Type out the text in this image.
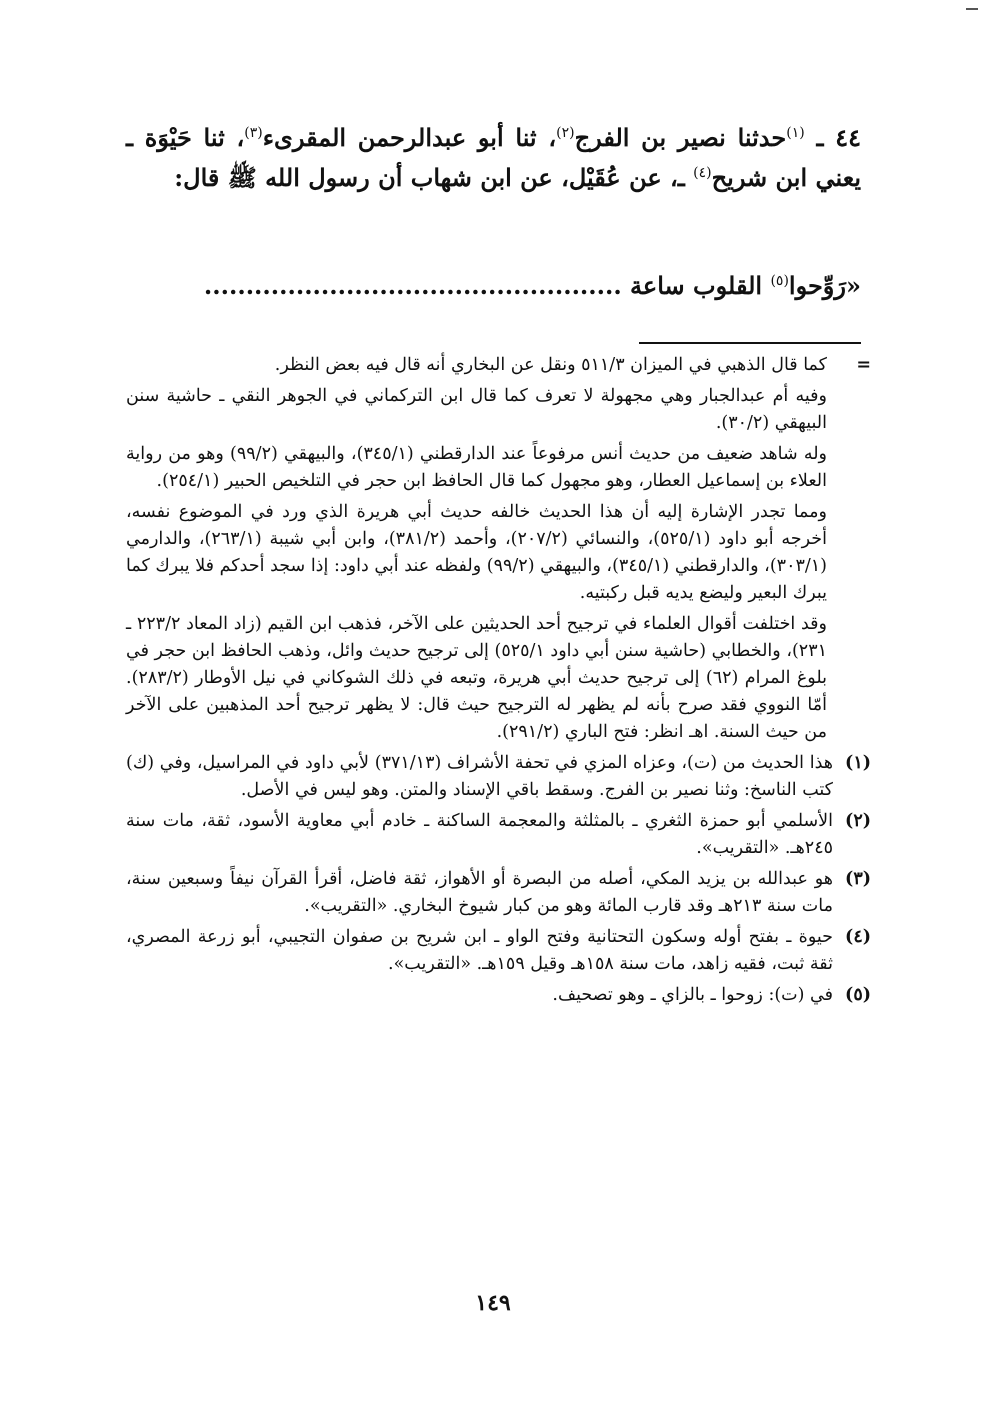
٤٤ ـ $^{(١)}$حدثنا نصير بن الفرج$^{(٢)}$، ثنا أبو عبدالرحمن المقرىء$^{(٣)}$، ثنا حَيْوَة ـ يعني ابن شريح$^{(٤)}$ ـ، عن عُقَيْل، عن ابن شهاب أن رسول الله ﷺ قال:
«رَوِّحوا$^{(٥)}$ القلوب ساعة ..................................................

=
كما قال الذهبي في الميزان ٥١١/٣ ونقل عن البخاري أنه قال فيه بعض النظر.

وفيه أم عبدالجبار وهي مجهولة لا تعرف كما قال ابن التركماني في الجوهر النقي ـ حاشية سنن البيهقي (٣٠/٢).

وله شاهد ضعيف من حديث أنس مرفوعاً عند الدارقطني (٣٤٥/١)، والبيهقي (٩٩/٢) وهو من رواية العلاء بن إسماعيل العطار، وهو مجهول كما قال الحافظ ابن حجر في التلخيص الحبير (٢٥٤/١).

ومما تجدر الإشارة إليه أن هذا الحديث خالفه حديث أبي هريرة الذي ورد في الموضوع نفسه، أخرجه أبو داود (٥٢٥/١)، والنسائي (٢٠٧/٢)، وأحمد (٣٨١/٢)، وابن أبي شيبة (٢٦٣/١)، والدارمي (٣٠٣/١)، والدارقطني (٣٤٥/١)، والبيهقي (٩٩/٢) ولفظه عند أبي داود: إذا سجد أحدكم فلا يبرك كما يبرك البعير وليضع يديه قبل ركبتيه.

وقد اختلفت أقوال العلماء في ترجيح أحد الحديثين على الآخر، فذهب ابن القيم (زاد المعاد ٢٢٣/٢ ـ ٢٣١)، والخطابي (حاشية سنن أبي داود ٥٢٥/١) إلى ترجيح حديث وائل، وذهب الحافظ ابن حجر في بلوغ المرام (٦٢) إلى ترجيح حديث أبي هريرة، وتبعه في ذلك الشوكاني في نيل الأوطار (٢٨٣/٢). أمّا النووي فقد صرح بأنه لم يظهر له الترجيح حيث قال: لا يظهر ترجيح أحد المذهبين على الآخر من حيث السنة. اهـ انظر: فتح الباري (٢٩١/٢).

(١)
هذا الحديث من (ت)، وعزاه المزي في تحفة الأشراف (٣٧١/١٣) لأبي داود في المراسيل، وفي (ك) كتب الناسخ: وثنا نصير بن الفرج. وسقط باقي الإسناد والمتن. وهو ليس في الأصل.
(٢)
الأسلمي أبو حمزة الثغري ـ بالمثلثة والمعجمة الساكنة ـ خادم أبي معاوية الأسود، ثقة، مات سنة ٢٤٥هـ. «التقريب».
(٣)
هو عبدالله بن يزيد المكي، أصله من البصرة أو الأهواز، ثقة فاضل، أقرأ القرآن نيفاً وسبعين سنة، مات سنة ٢١٣هـ وقد قارب المائة وهو من كبار شيوخ البخاري. «التقريب».
(٤)
حيوة ـ بفتح أوله وسكون التحتانية وفتح الواو ـ ابن شريح بن صفوان التجيبي، أبو زرعة المصري، ثقة ثبت، فقيه زاهد، مات سنة ١٥٨هـ وقيل ١٥٩هـ. «التقريب».
(٥)
في (ت): زوحوا ـ بالزاي ـ وهو تصحيف.
١٤٩
